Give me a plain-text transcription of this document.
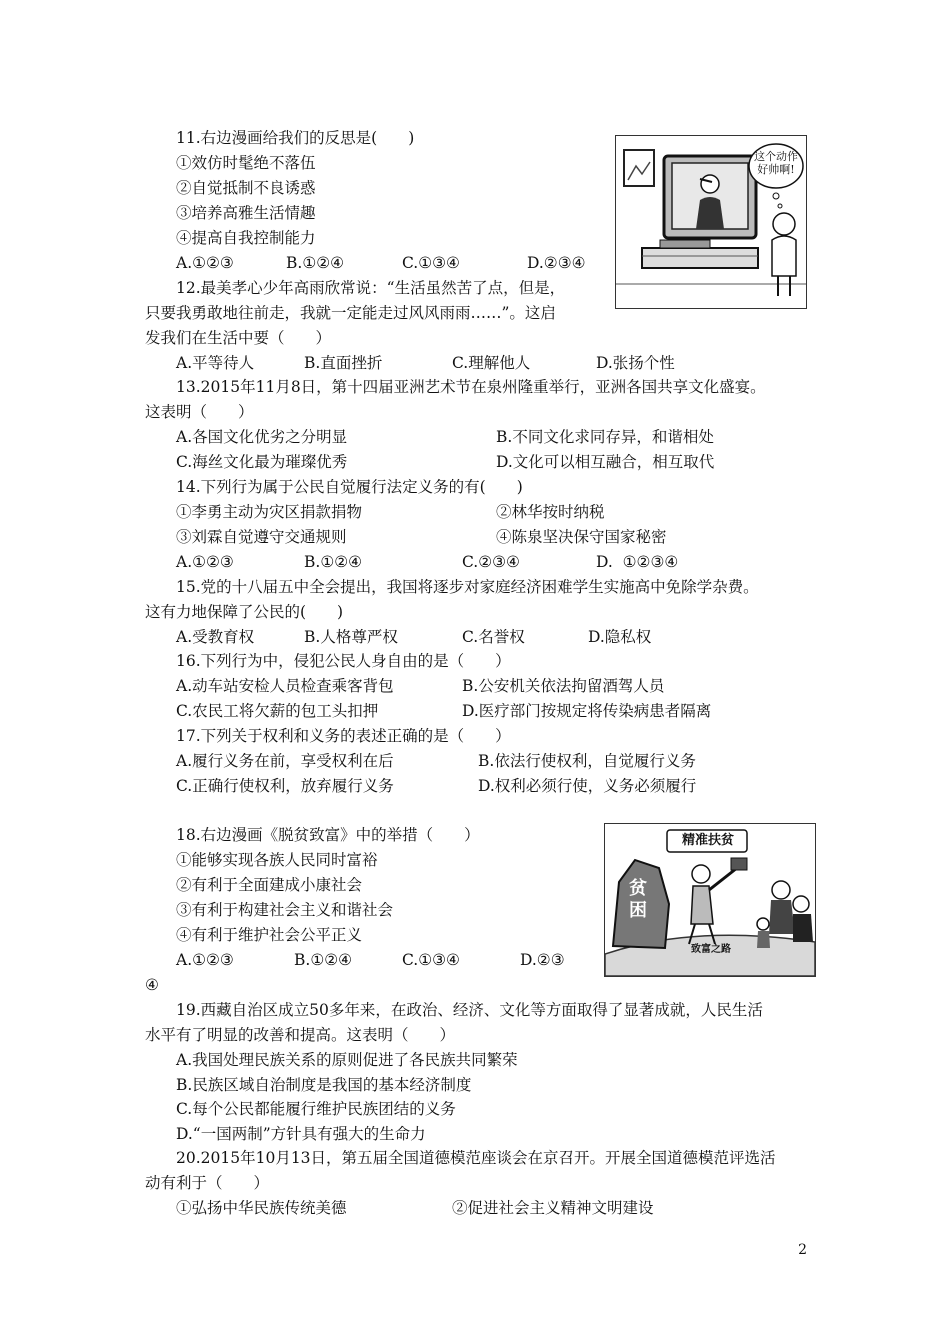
11.右边漫画给我们的反思是(　　)
①效仿时髦绝不落伍
②自觉抵制不良诱惑
③培养高雅生活情趣
④提高自我控制能力
A.①②③	B.①②④	C.①③④	D.②③④
这个动作好帅啊!
12.最美孝心少年高雨欣常说：“生活虽然苦了点，但是，
只要我勇敢地往前走，我就一定能走过风风雨雨……”。这启
发我们在生活中要（　　）
A.平等待人	B.直面挫折	C.理解他人	D.张扬个性
13.2015年11月8日，第十四届亚洲艺术节在泉州隆重举行，亚洲各国共享文化盛宴。
这表明（　　）
A.各国文化优劣之分明显	B.不同文化求同存异，和谐相处
C.海丝文化最为璀璨优秀	D.文化可以相互融合，相互取代
14.下列行为属于公民自觉履行法定义务的有(　　)
①李勇主动为灾区捐款捐物	②林华按时纳税
③刘霖自觉遵守交通规则	④陈泉坚决保守国家秘密
A.①②③	B.①②④	C.②③④	D.  ①②③④
15.党的十八届五中全会提出，我国将逐步对家庭经济困难学生实施高中免除学杂费。
这有力地保障了公民的(　　)
A.受教育权	B.人格尊严权	C.名誉权	D.隐私权
16.下列行为中，侵犯公民人身自由的是（　　）
A.动车站安检人员检查乘客背包	B.公安机关依法拘留酒驾人员
C.农民工将欠薪的包工头扣押	D.医疗部门按规定将传染病患者隔离
17.下列关于权利和义务的表述正确的是（　　）
A.履行义务在前，享受权利在后	B.依法行使权利，自觉履行义务
C.正确行使权利，放弃履行义务	D.权利必须行使，义务必须履行
18.右边漫画《脱贫致富》中的举措（　　）
①能够实现各族人民同时富裕
②有利于全面建成小康社会
③有利于构建社会主义和谐社会
④有利于维护社会公平正义
A.①②③	B.①②④	C.①③④	D.②③
④
精准扶贫
贫困
致富之路
19.西藏自治区成立50多年来，在政治、经济、文化等方面取得了显著成就，人民生活
水平有了明显的改善和提高。这表明（　　）
A.我国处理民族关系的原则促进了各民族共同繁荣
B.民族区域自治制度是我国的基本经济制度
C.每个公民都能履行维护民族团结的义务
D.“一国两制”方针具有强大的生命力
20.2015年10月13日，第五届全国道德模范座谈会在京召开。开展全国道德模范评选活
动有利于（　　）
①弘扬中华民族传统美德	②促进社会主义精神文明建设
2
